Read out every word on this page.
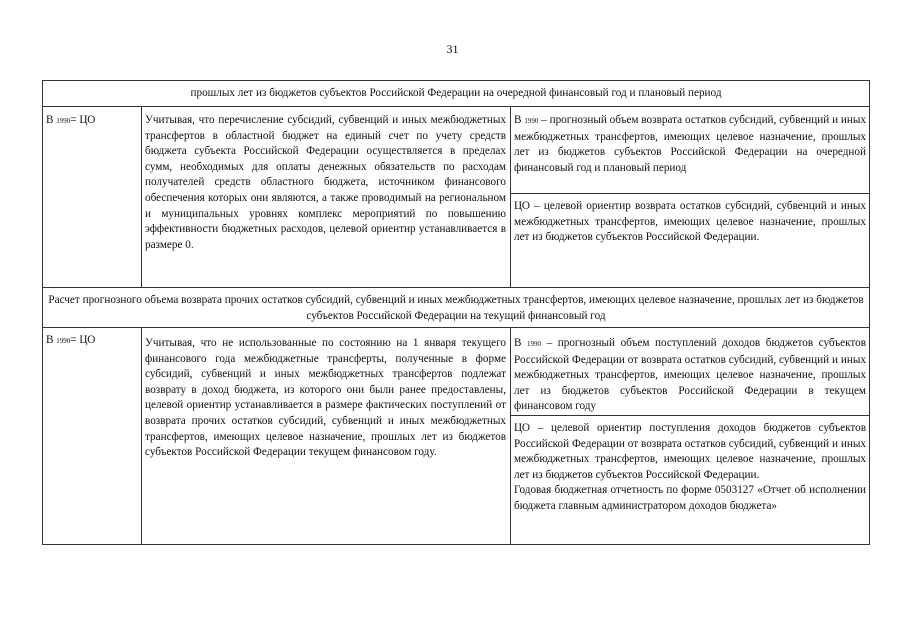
31
прошлых лет из бюджетов субъектов Российской Федерации на очередной финансовый год и плановый период
В 1990= ЦО	Учитывая, что перечисление субсидий, субвенций и иных межбюджетных трансфертов в областной бюджет на единый счет по учету средств бюджета субъекта Российской Федерации осуществляется в пределах сумм, необходимых для оплаты денежных обязательств по расходам получателей средств областного бюджета, источником финансового обеспечения которых они являются, а также проводимый на региональном и муниципальных уровнях комплекс мероприятий по повышению эффективности бюджетных расходов, целевой ориентир устанавливается в размере 0.
В 1990 – прогнозный объем возврата остатков субсидий, субвенций и иных межбюджетных трансфертов, имеющих целевое назначение, прошлых лет из бюджетов субъектов Российской Федерации на очередной финансовый год и плановый период
ЦО – целевой ориентир возврата остатков субсидий, субвенций и иных межбюджетных трансфертов, имеющих целевое назначение, прошлых лет из бюджетов субъектов Российской Федерации.
Расчет прогнозного объема возврата прочих остатков субсидий, субвенций и иных межбюджетных трансфертов, имеющих целевое назначение, прошлых лет из бюджетов субъектов Российской Федерации на текущий финансовый год
В 1990= ЦО	Учитывая, что не использованные по состоянию на 1 января текущего финансового года межбюджетные трансферты, полученные в форме субсидий, субвенций и иных межбюджетных трансфертов подлежат возврату в доход бюджета, из которого они были ранее предоставлены, целевой ориентир устанавливается в размере фактических поступлений от возврата прочих остатков субсидий, субвенций и иных межбюджетных трансфертов, имеющих целевое назначение, прошлых лет из бюджетов субъектов Российской Федерации текущем финансовом году.
В 1990 – прогнозный объем поступлений доходов бюджетов субъектов Российской Федерации от возврата остатков субсидий, субвенций и иных межбюджетных трансфертов, имеющих целевое назначение, прошлых лет из бюджетов субъектов Российской Федерации в текущем финансовом году
ЦО – целевой ориентир поступления доходов бюджетов субъектов Российской Федерации от возврата остатков субсидий, субвенций и иных межбюджетных трансфертов, имеющих целевое назначение, прошлых лет из бюджетов субъектов Российской Федерации.
Годовая бюджетная отчетность по форме 0503127 «Отчет об исполнении бюджета главным администратором доходов бюджета»
